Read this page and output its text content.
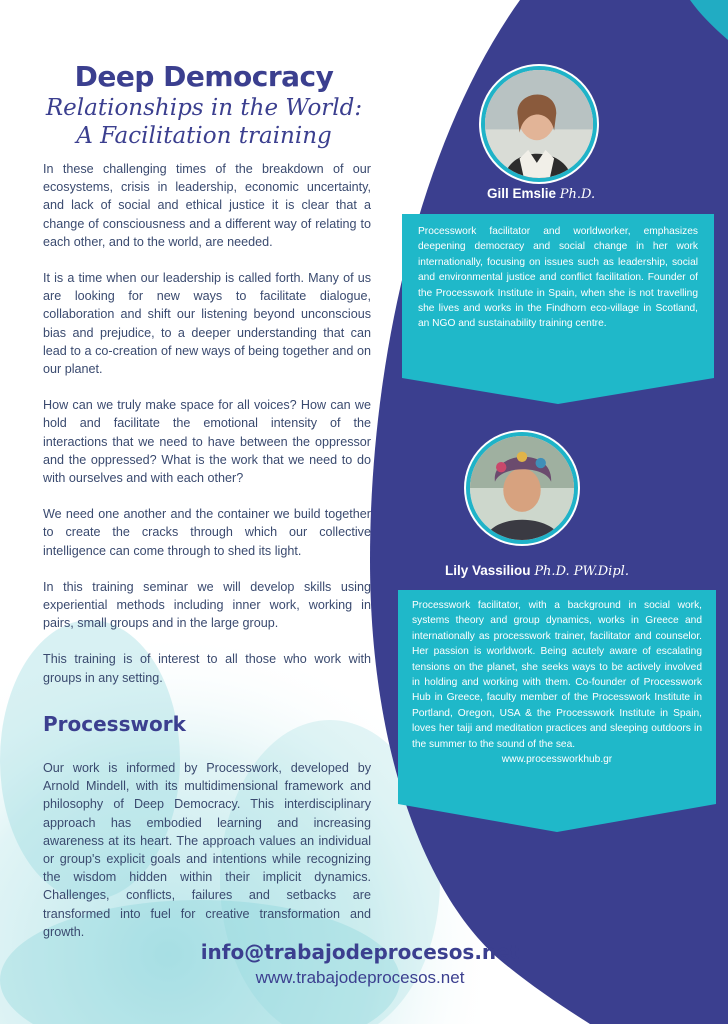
Deep Democracy
Relationships in the World:
A Facilitation training

In these challenging times of the breakdown of our ecosystems, crisis in leadership, economic uncertainty, and lack of social and ethical justice it is clear that a change of consciousness and a different way of relating to each other, and to the world, are needed.

It is a time when our leadership is called forth. Many of us are looking for new ways to facilitate dialogue, collaboration and shift our listening beyond unconscious bias and prejudice, to a deeper understanding that can lead to a co-creation of new ways of being together and on our planet.

How can we truly make space for all voices? How can we hold and facilitate the emotional intensity of the interactions that we need to have between the oppressor and the oppressed? What is the work that we need to do with ourselves and with each other?

We need one another and the container we build together to create the cracks through which our collective intelligence can come through to shed its light.

In this training seminar we will develop skills using experiential methods including inner work, working in pairs, small groups and in the large group.

This training is of interest to all those who work with groups in any setting.

Processwork

Our work is informed by Processwork, developed by Arnold Mindell, with its multidimensional framework and philosophy of Deep Democracy. This interdisciplinary approach has embodied learning and increasing awareness at its heart. The approach values an individual or group's explicit goals and intentions while recognizing the wisdom hidden within their implicit dynamics. Challenges, conflicts, failures and setbacks are transformed into fuel for creative transformation and growth.

Gill Emslie Ph.D.
Processwork facilitator and worldworker, emphasizes deepening democracy and social change in her work internationally, focusing on issues such as leadership, social and environmental justice and conflict facilitation. Founder of the Processwork Institute in Spain, when she is not travelling she lives and works in the Findhorn eco-village in Scotland, an NGO and sustainability training centre.
Lily Vassiliou Ph.D. PW.Dipl.
Processwork facilitator, with a background in social work, systems theory and group dynamics, works in Greece and internationally as processwork trainer, facilitator and counselor. Her passion is worldwork. Being acutely aware of escalating tensions on the planet, she seeks ways to be actively involved in holding and working with them. Co-founder of Processwork Hub in Greece, faculty member of the Processwork Institute in Portland, Oregon, USA & the Processwork Institute in Spain, loves her taiji and meditation practices and sleeping outdoors in the summer to the sound of the sea.
www.processworkhub.gr
info@trabajodeprocesos.net
www.trabajodeprocesos.net
